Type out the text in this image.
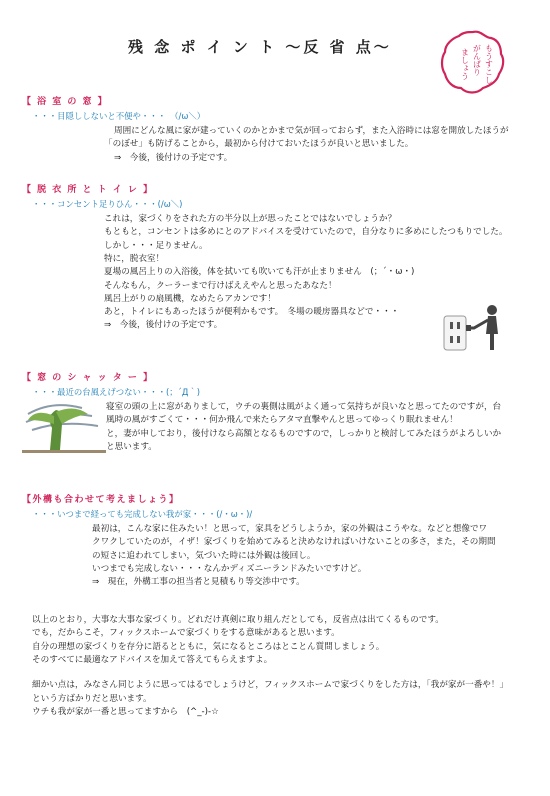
残 念 ポ イ ン ト 〜反 省 点〜	もうすこし
がんばり
ましょう
【 浴 室 の 窓 】
・・・目隠ししないと不便や・・・　（/ω＼）
周囲にどんな風に家が建っていくのかとかまで気が回っておらず，また入浴時には窓を開放したほうが
「のぼせ」も防げることから，最初から付けておいたほうが良いと思いました。
⇒　今後，後付けの予定です。
【 脱 衣 所 と ト イ レ 】
・・・コンセント足りひん・・・(/ω＼)
これは，家づくりをされた方の半分以上が思ったことではないでしょうか？
もともと，コンセントは多めにとのアドバイスを受けていたので，自分なりに多めにしたつもりでした。
しかし・・・足りません。
特に，脱衣室！
夏場の風呂上りの入浴後，体を拭いても吹いても汗が止まりません　(；´・ω・)
そんなもん，クーラーまで行けばええやんと思ったあなた！
風呂上がりの扇風機，なめたらアカンです！
あと，トイレにもあったほうが便利かもです。　冬場の暖房器具などで・・・
⇒　今後，後付けの予定です。
【 窓 の シ ャ ッ タ ー 】
・・・最近の台風えげつない・・・(；´Д｀)
寝室の頭の上に窓がありまして，ウチの裏側は風がよく通って気持ちが良いなと思ってたのですが，台
風時の風がすごくて・・・何か飛んで来たらアタマ直撃やんと思ってゆっくり眠れません！
と，妻が申しており，後付けなら高額となるものですので，しっかりと検討してみたほうがよろしいか
と思います。
【外構も合わせて考えましょう】
・・・いつまで経っても完成しない我が家・・・(/・ω・)/
最初は，こんな家に住みたい！と思って，家具をどうしようか，家の外観はこうやな。などと想像でワ
クワクしていたのが，イザ！家づくりを始めてみると決めなければいけないことの多さ，また，その期間
の短さに追われてしまい，気づいた時には外観は後回し。
いつまでも完成しない・・・なんかディズニーランドみたいですけど。
⇒　現在，外構工事の担当者と見積もり等交渉中です。
以上のとおり，大事な大事な家づくり。どれだけ真剣に取り組んだとしても，反省点は出てくるものです。
でも，だからこそ，フィックスホームで家づくりをする意味があると思います。
自分の理想の家づくりを存分に語るとともに，気になるところはとことん質問しましょう。
そのすべてに最適なアドバイスを加えて答えてもらえますよ。
細かい点は，みなさん同じように思ってはるでしょうけど，フィックスホームで家づくりをした方は，「我が家が一番や！」
という方ばかりだと思います。
ウチも我が家が一番と思ってますから　(^_-)-☆
